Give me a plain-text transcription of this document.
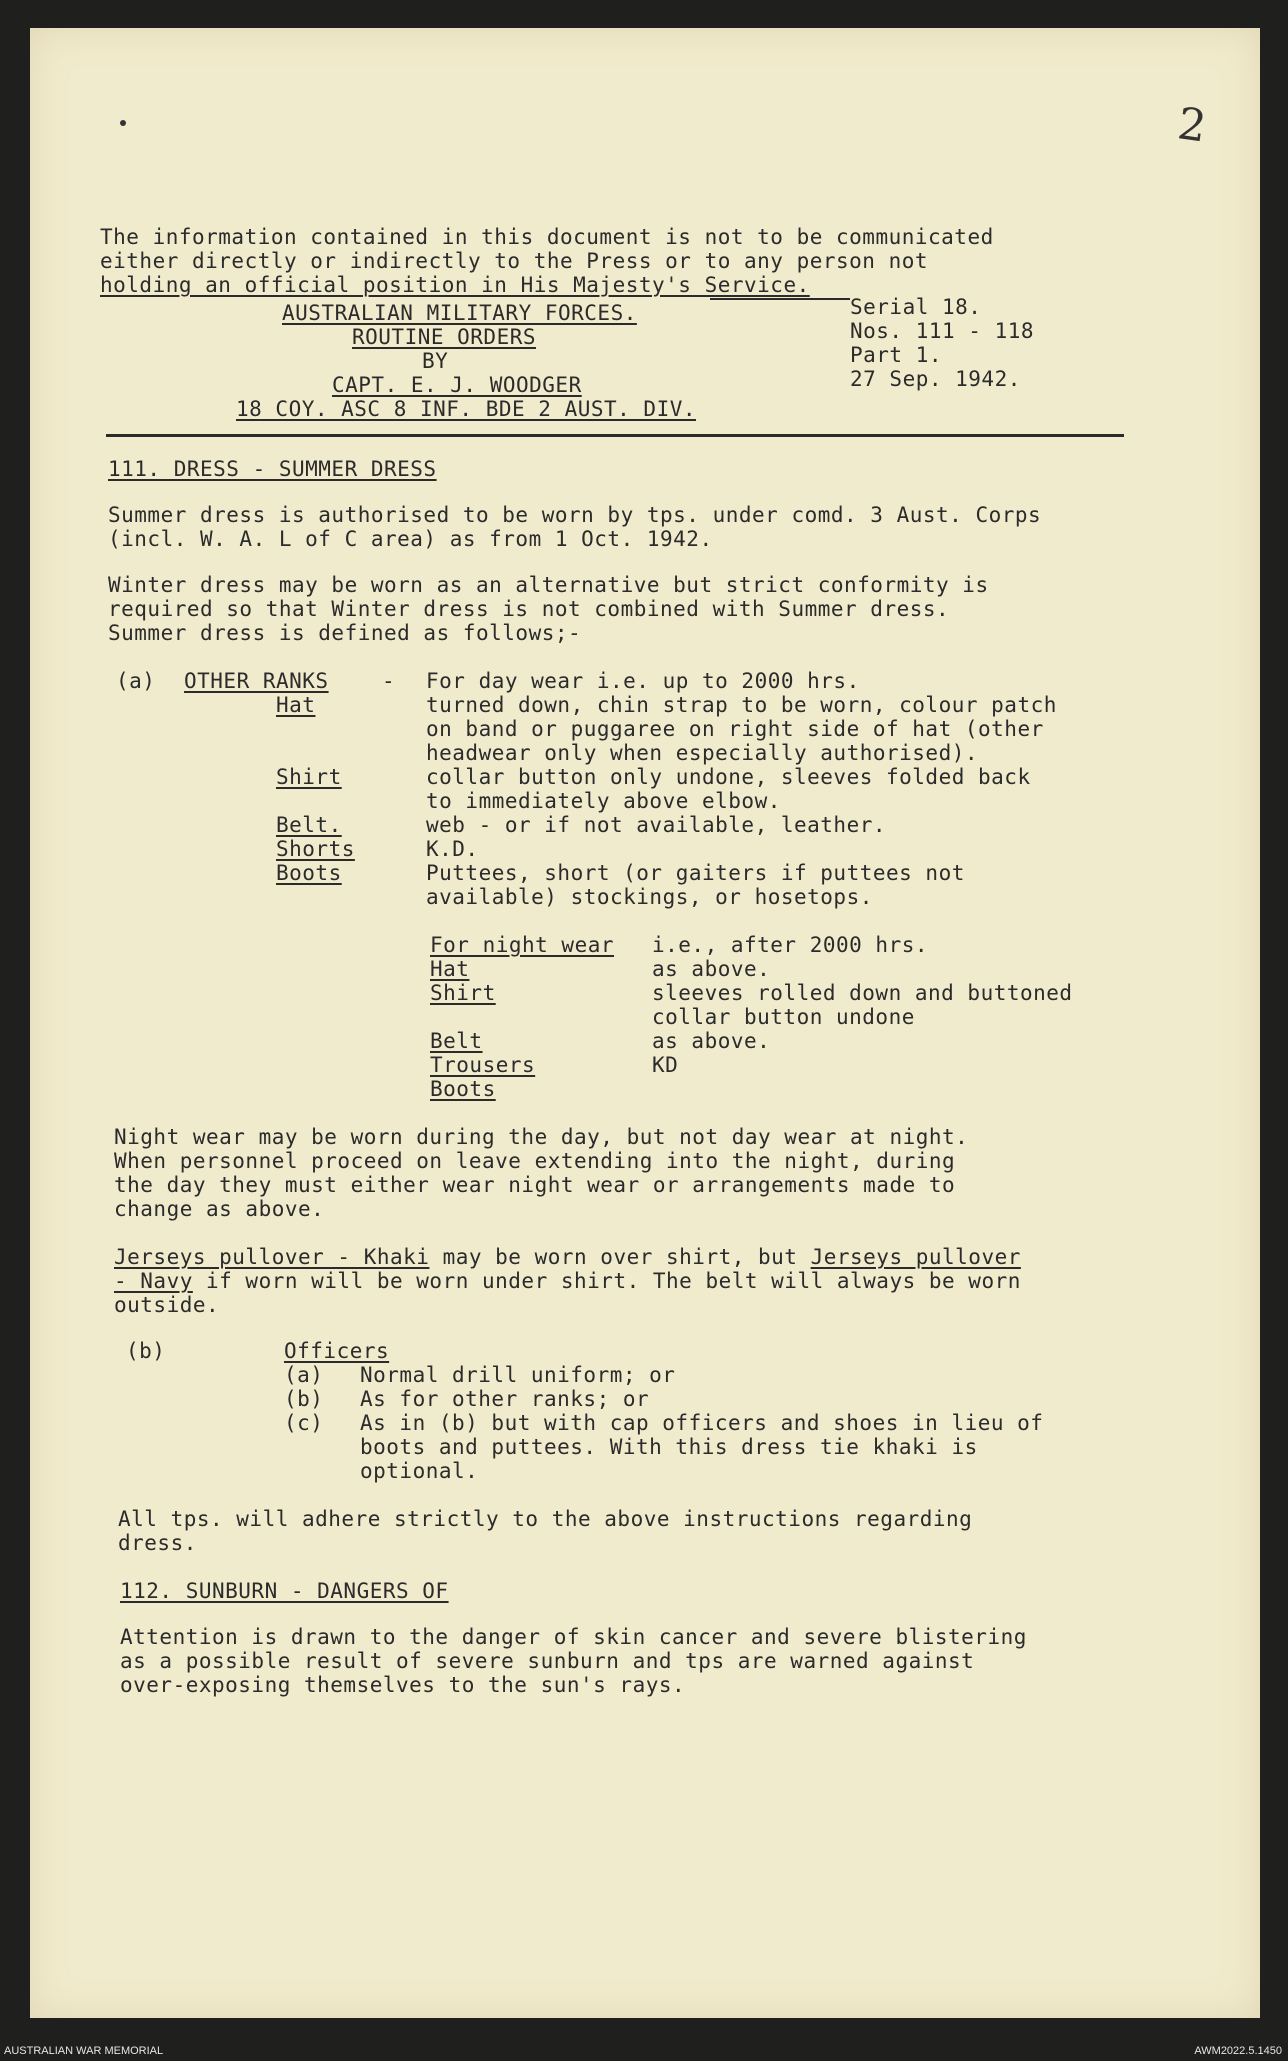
2
The information contained in this document is not to be communicated
either directly or indirectly to the Press or to any person not
holding an official position in His Majesty's Service.
AUSTRALIAN MILITARY FORCES.
ROUTINE ORDERS
BY
CAPT. E. J. WOODGER
18 COY. ASC 8 INF. BDE 2 AUST. DIV.
Serial 18.
Nos. 111 - 118
Part 1.
27 Sep. 1942.
111. DRESS - SUMMER DRESS
Summer dress is authorised to be worn by tps. under comd. 3 Aust. Corps
(incl. W. A. L of C area) as from 1 Oct. 1942.
Winter dress may be worn as an alternative but strict conformity is
required so that Winter dress is not combined with Summer dress.
Summer dress is defined as follows;-
(a) OTHER RANKS	- For day wear i.e. up to 2000 hrs.
Hat	turned down, chin strap to be worn, colour patch
on band or puggaree on right side of hat (other
headwear only when especially authorised).
Shirt	collar button only undone, sleeves folded back
to immediately above elbow.
Belt.	web - or if not available, leather.
Shorts	K.D.
Boots	Puttees, short (or gaiters if puttees not
available) stockings, or hosetops.
For night wear i.e., after 2000 hrs.
Hat	as above.
Shirt	sleeves rolled down and buttoned
collar button undone
Belt	as above.
Trousers	KD
Boots
Night wear may be worn during the day, but not day wear at night.
When personnel proceed on leave extending into the night, during
the day they must either wear night wear or arrangements made to
change as above.
Jerseys pullover - Khaki may be worn over shirt, but Jerseys pullover
- Navy if worn will be worn under shirt. The belt will always be worn
outside.
(b)	Officers
(a) Normal drill uniform; or
(b) As for other ranks; or
(c) As in (b) but with cap officers and shoes in lieu of
boots and puttees. With this dress tie khaki is
optional.
All tps. will adhere strictly to the above instructions regarding
dress.
112. SUNBURN - DANGERS OF
Attention is drawn to the danger of skin cancer and severe blistering
as a possible result of severe sunburn and tps are warned against
over-exposing themselves to the sun's rays.
AUSTRALIAN WAR MEMORIAL	AWM2022.5.1450
